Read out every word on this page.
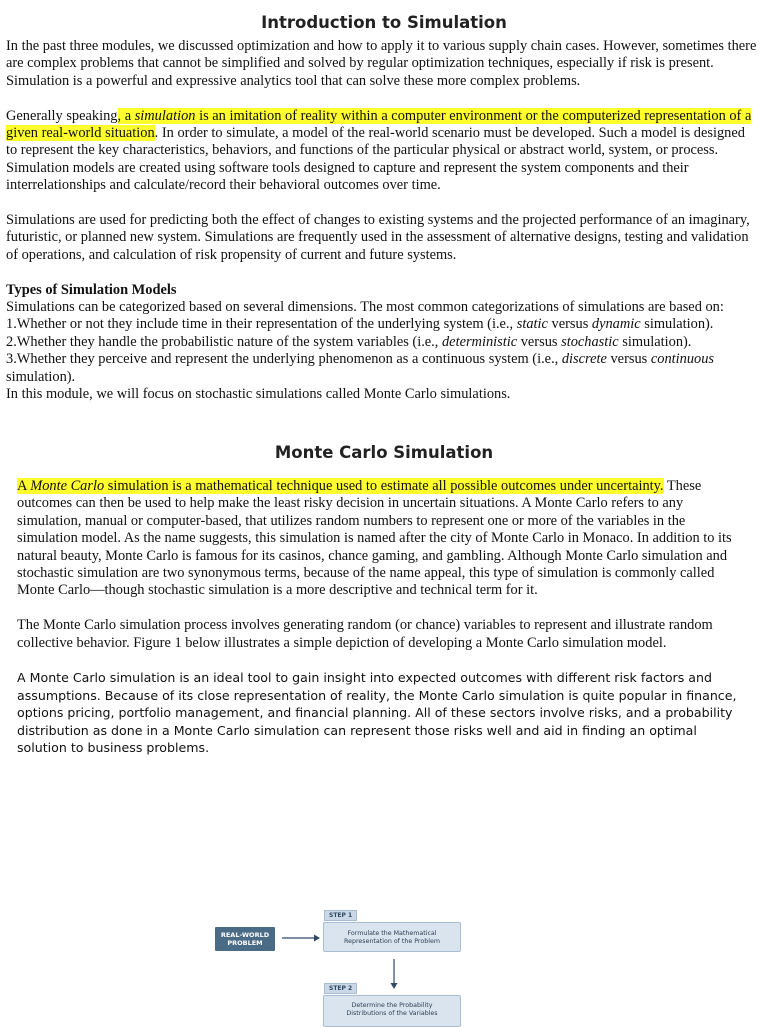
Introduction to Simulation

In the past three modules, we discussed optimization and how to apply it to various supply chain cases. However, sometimes there are complex problems that cannot be simplified and solved by regular optimization techniques, especially if risk is present. Simulation is a powerful and expressive analytics tool that can solve these more complex problems.

Generally speaking, a simulation is an imitation of reality within a computer environment or the computerized representation of a given real-world situation. In order to simulate, a model of the real-world scenario must be developed. Such a model is designed to represent the key characteristics, behaviors, and functions of the particular physical or abstract world, system, or process. Simulation models are created using software tools designed to capture and represent the system components and their interrelationships and calculate/record their behavioral outcomes over time.

Simulations are used for predicting both the effect of changes to existing systems and the projected performance of an imaginary, futuristic, or planned new system. Simulations are frequently used in the assessment of alternative designs, testing and validation of operations, and calculation of risk propensity of current and future systems.

Types of Simulation Models

Simulations can be categorized based on several dimensions. The most common categorizations of simulations are based on:

1.Whether or not they include time in their representation of the underlying system (i.e., static versus dynamic simulation).

2.Whether they handle the probabilistic nature of the system variables (i.e., deterministic versus stochastic simulation).

3.Whether they perceive and represent the underlying phenomenon as a continuous system (i.e., discrete versus continuous simulation).

In this module, we will focus on stochastic simulations called Monte Carlo simulations.

Monte Carlo Simulation

A Monte Carlo simulation is a mathematical technique used to estimate all possible outcomes under uncertainty. These outcomes can then be used to help make the least risky decision in uncertain situations. A Monte Carlo refers to any simulation, manual or computer-based, that utilizes random numbers to represent one or more of the variables in the simulation model. As the name suggests, this simulation is named after the city of Monte Carlo in Monaco. In addition to its natural beauty, Monte Carlo is famous for its casinos, chance gaming, and gambling. Although Monte Carlo simulation and stochastic simulation are two synonymous terms, because of the name appeal, this type of simulation is commonly called Monte Carlo—though stochastic simulation is a more descriptive and technical term for it.

The Monte Carlo simulation process involves generating random (or chance) variables to represent and illustrate random collective behavior. Figure 1 below illustrates a simple depiction of developing a Monte Carlo simulation model.

A Monte Carlo simulation is an ideal tool to gain insight into expected outcomes with different risk factors and assumptions. Because of its close representation of reality, the Monte Carlo simulation is quite popular in finance, options pricing, portfolio management, and financial planning. All of these sectors involve risks, and a probability distribution as done in a Monte Carlo simulation can represent those risks well and aid in finding an optimal solution to business problems.

REAL-WORLD PROBLEM
STEP 1
Formulate the Mathematical Representation of the Problem
STEP 2
Determine the Probability Distributions of the Variables
